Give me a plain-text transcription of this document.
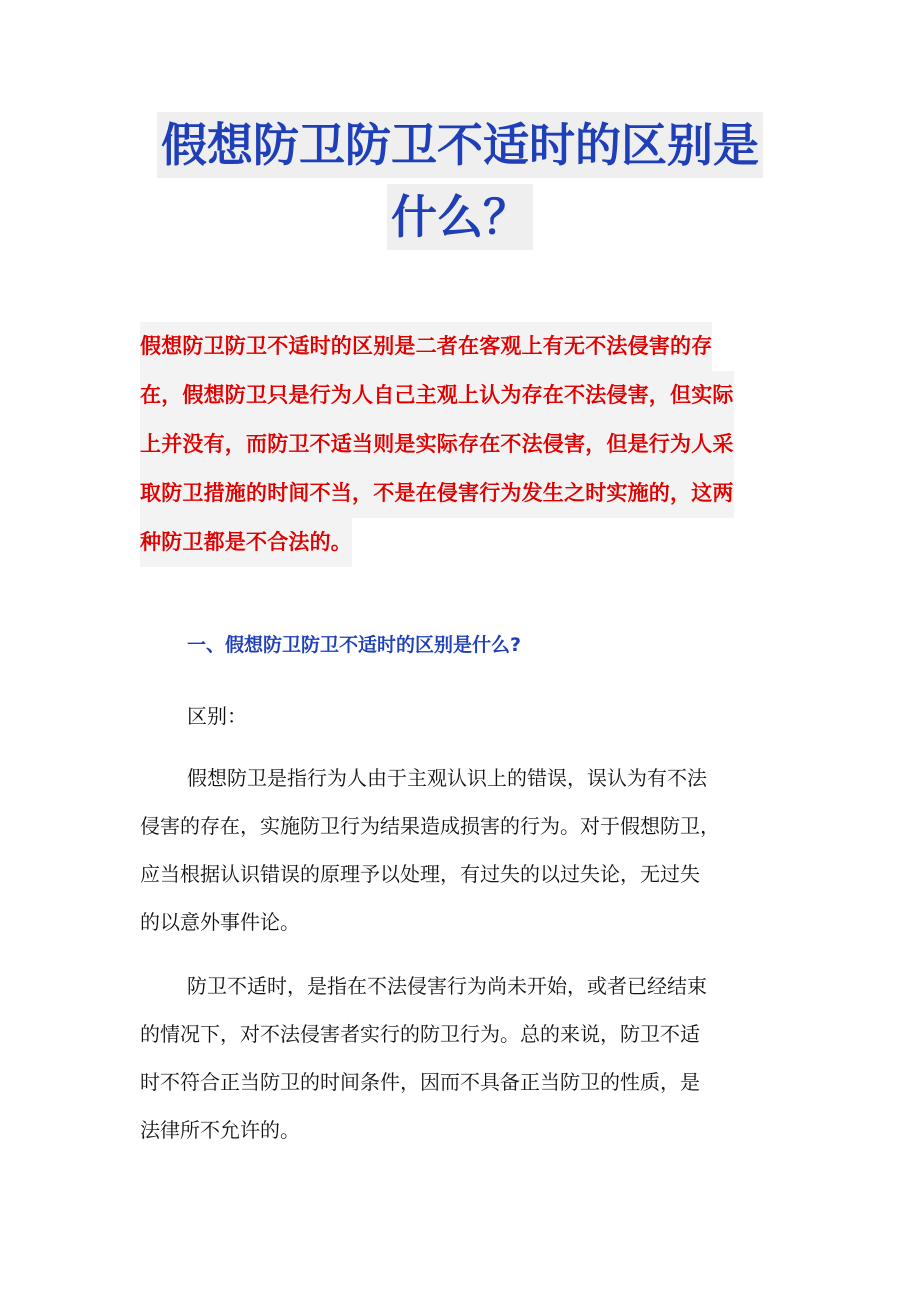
假想防卫防卫不适时的区别是
什么？
假想防卫防卫不适时的区别是二者在客观上有无不法侵害的存
在，假想防卫只是行为人自己主观上认为存在不法侵害，但实际
上并没有，而防卫不适当则是实际存在不法侵害，但是行为人采
取防卫措施的时间不当，不是在侵害行为发生之时实施的，这两
种防卫都是不合法的。
一、假想防卫防卫不适时的区别是什么?
区别：
假想防卫是指行为人由于主观认识上的错误，误认为有不法
侵害的存在，实施防卫行为结果造成损害的行为。对于假想防卫，
应当根据认识错误的原理予以处理，有过失的以过失论，无过失
的以意外事件论。
防卫不适时，是指在不法侵害行为尚未开始，或者已经结束
的情况下，对不法侵害者实行的防卫行为。总的来说，防卫不适
时不符合正当防卫的时间条件，因而不具备正当防卫的性质，是
法律所不允许的。
